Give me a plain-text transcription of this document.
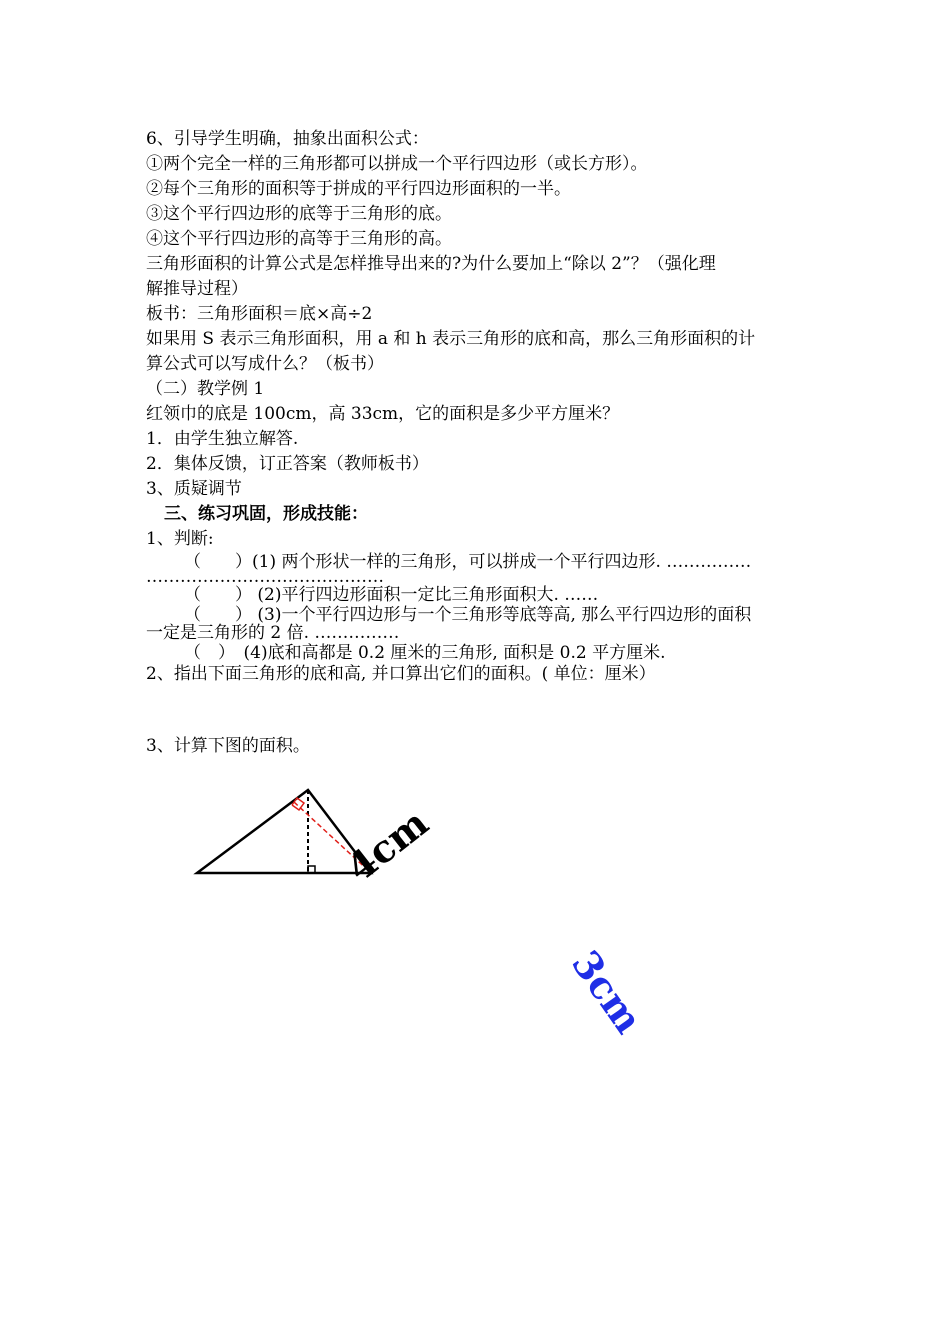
6、引导学生明确，抽象出面积公式：
①两个完全一样的三角形都可以拼成一个平行四边形（或长方形）。
②每个三角形的面积等于拼成的平行四边形面积的一半。
③这个平行四边形的底等于三角形的底。
④这个平行四边形的高等于三角形的高。
三角形面积的计算公式是怎样推导出来的?为什么要加上“除以 2”？（强化理
解推导过程）
板书：三角形面积＝底×高÷2
如果用 S 表示三角形面积，用 a 和 h 表示三角形的底和高，那么三角形面积的计
算公式可以写成什么？（板书）
（二）教学例 1
红领巾的底是 100cm，高 33cm，它的面积是多少平方厘米？
1．由学生独立解答.
2．集体反馈，订正答案（教师板书）
3、质疑调节
三、练习巩固，形成技能：
1、判断:
（　　）(1) 两个形状一样的三角形，可以拼成一个平行四边形. ……………
……………………………………
（　　） (2)平行四边形面积一定比三角形面积大. ……
（　　） (3)一个平行四边形与一个三角形等底等高, 那么平行四边形的面积
一定是三角形的 2 倍. ……………
（　）　(4)底和高都是 0.2 厘米的三角形, 面积是 0.2 平方厘米.
2、指出下面三角形的底和高, 并口算出它们的面积。( 单位：厘米）
3、计算下图的面积。
4cm
3cm
